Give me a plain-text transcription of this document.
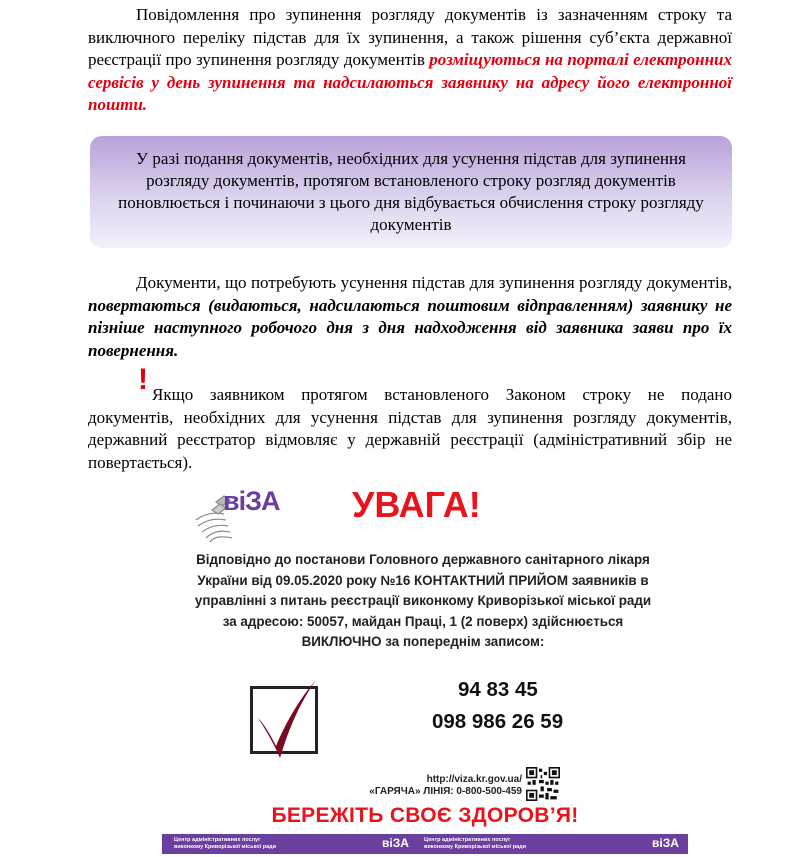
Повідомлення про зупинення розгляду документів із зазначенням строку та виключного переліку підстав для їх зупинення, а також рішення суб’єкта державної реєстрації про зупинення розгляду документів розміщуються на порталі електронних сервісів у день зупинення та надсилаються заявнику на адресу його електронної пошти.
У разі подання документів, необхідних для усунення підстав для зупинення розгляду документів, протягом встановленого строку розгляд документів поновлюється і починаючи з цього дня відбувається обчислення строку розгляду документів
Документи, що потребують усунення підстав для зупинення розгляду документів, повертаються (видаються, надсилаються поштовим відправленням) заявнику не пізніше наступного робочого дня з дня надходження від заявника заяви про їх повернення.
! Якщо заявником протягом встановленого Законом строку не подано документів, необхідних для усунення підстав для зупинення розгляду документів, державний реєстратор відмовляє у державній реєстрації (адміністративний збір не повертається).
віЗА УВАГА!
Відповідно до постанови Головного державного санітарного лікаря
України від 09.05.2020 року №16 КОНТАКТНИЙ ПРИЙОМ заявників в
управлінні з питань реєстрації виконкому Криворізької міської ради
за адресою: 50057, майдан Праці, 1 (2 поверх) здійснюється
ВИКЛЮЧНО за попереднім записом:
94 83 45
098 986 26 59
http://viza.kr.gov.ua/
«ГАРЯЧА» ЛІНІЯ: 0-800-500-459
БЕРЕЖІТЬ СВОЄ ЗДОРОВ’Я!
Центр адміністративних послуг
виконкому Криворізької міської ради	віЗА	Центр адміністративних послуг
виконкому Криворізької міської ради	віЗА
